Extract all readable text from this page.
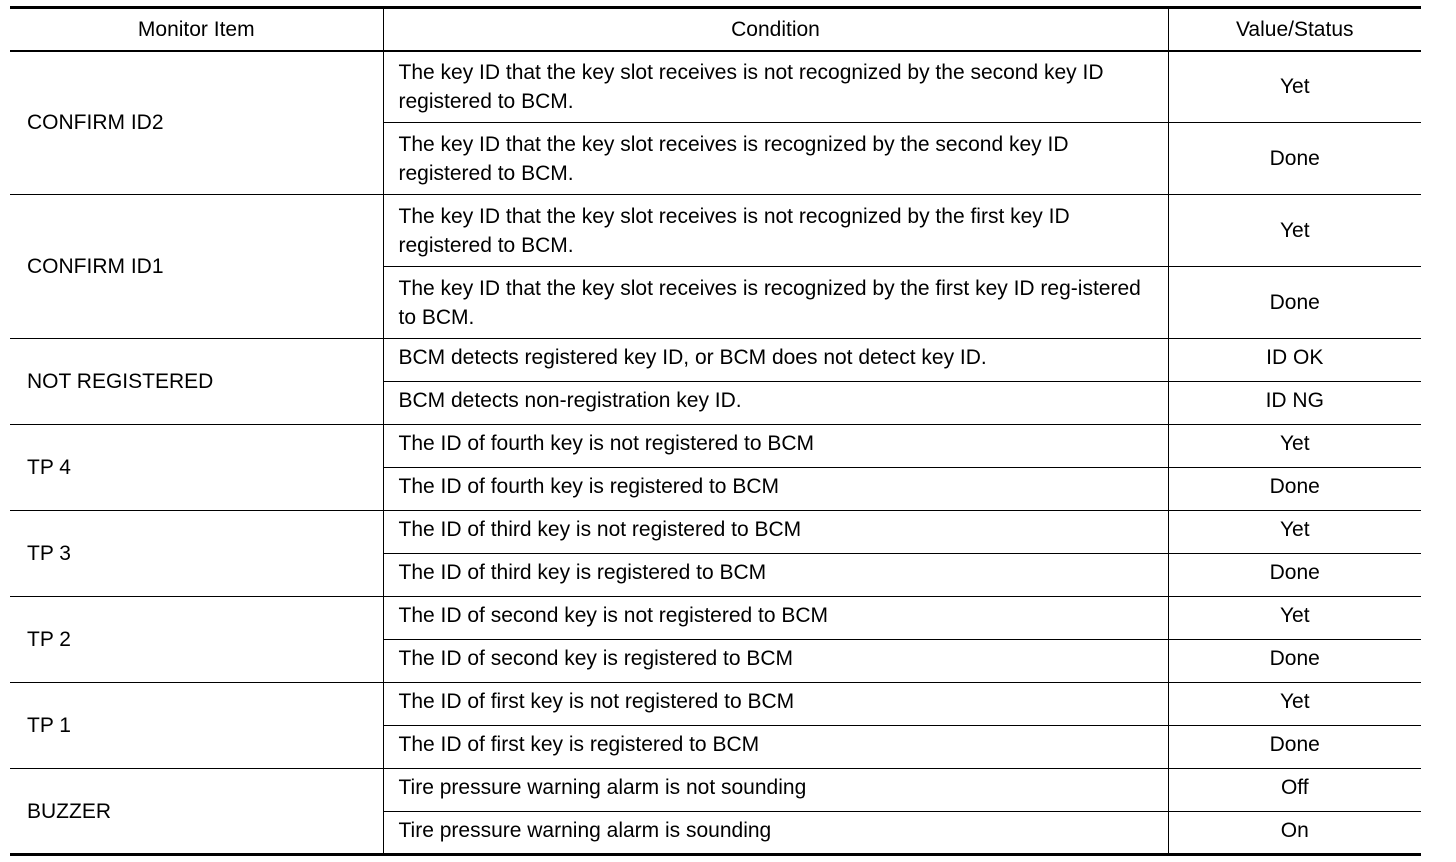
Monitor Item	Condition	Value/Status
CONFIRM ID2	The key ID that the key slot receives is not recognized by the second key ID registered to BCM.	Yet
	The key ID that the key slot receives is recognized by the second key ID registered to BCM.	Done
CONFIRM ID1	The key ID that the key slot receives is not recognized by the first key ID registered to BCM.	Yet
	The key ID that the key slot receives is recognized by the first key ID reg-istered to BCM.	Done
NOT REGISTERED	BCM detects registered key ID, or BCM does not detect key ID.	ID OK
	BCM detects non-registration key ID.	ID NG
TP 4	The ID of fourth key is not registered to BCM	Yet
	The ID of fourth key is registered to BCM	Done
TP 3	The ID of third key is not registered to BCM	Yet
	The ID of third key is registered to BCM	Done
TP 2	The ID of second key is not registered to BCM	Yet
	The ID of second key is registered to BCM	Done
TP 1	The ID of first key is not registered to BCM	Yet
	The ID of first key is registered to BCM	Done
BUZZER	Tire pressure warning alarm is not sounding	Off
	Tire pressure warning alarm is sounding	On
